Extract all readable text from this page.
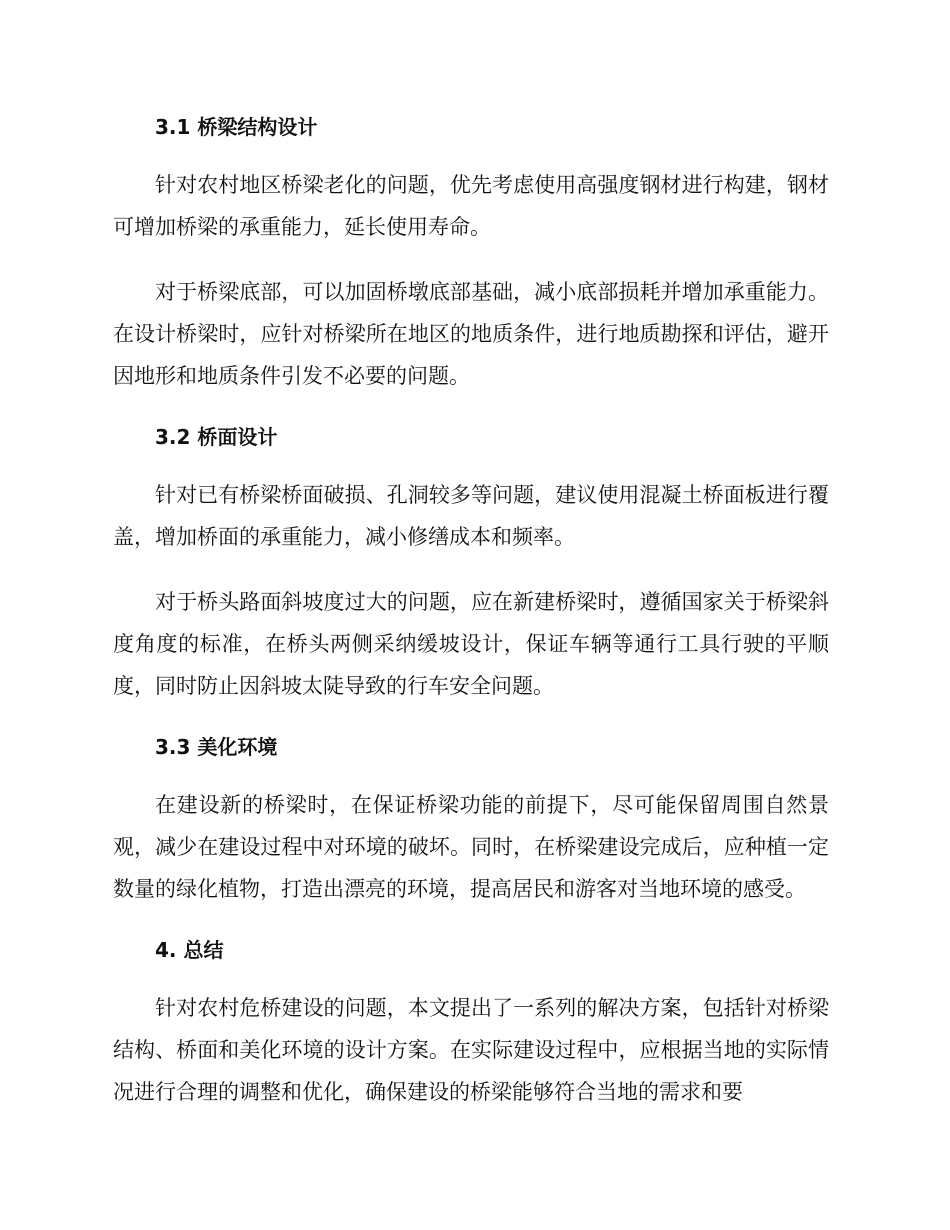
3.1 桥梁结构设计

针对农村地区桥梁老化的问题，优先考虑使用高强度钢材进行构建，钢材可增加桥梁的承重能力，延长使用寿命。

对于桥梁底部，可以加固桥墩底部基础，减小底部损耗并增加承重能力。在设计桥梁时，应针对桥梁所在地区的地质条件，进行地质勘探和评估，避开因地形和地质条件引发不必要的问题。

3.2 桥面设计

针对已有桥梁桥面破损、孔洞较多等问题，建议使用混凝土桥面板进行覆盖，增加桥面的承重能力，减小修缮成本和频率。

对于桥头路面斜坡度过大的问题，应在新建桥梁时，遵循国家关于桥梁斜度角度的标准，在桥头两侧采纳缓坡设计，保证车辆等通行工具行驶的平顺度，同时防止因斜坡太陡导致的行车安全问题。

3.3 美化环境

在建设新的桥梁时，在保证桥梁功能的前提下，尽可能保留周围自然景观，减少在建设过程中对环境的破坏。同时，在桥梁建设完成后，应种植一定数量的绿化植物，打造出漂亮的环境，提高居民和游客对当地环境的感受。

4. 总结

针对农村危桥建设的问题，本文提出了一系列的解决方案，包括针对桥梁结构、桥面和美化环境的设计方案。在实际建设过程中，应根据当地的实际情况进行合理的调整和优化，确保建设的桥梁能够符合当地的需求和要
